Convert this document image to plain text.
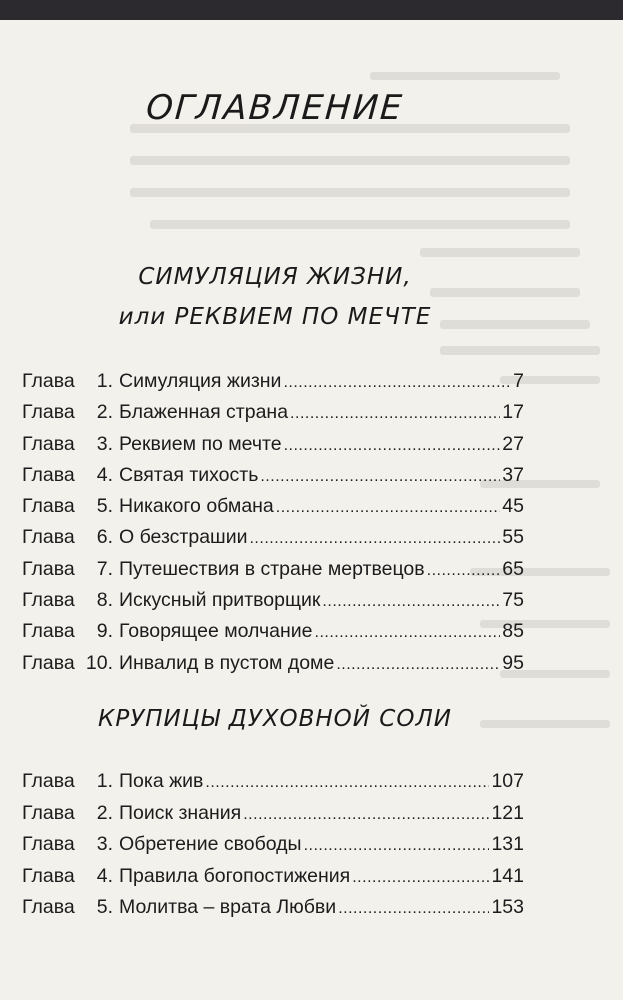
ОГЛАВЛЕНИЕ
СИМУЛЯЦИЯ ЖИЗНИ,
или РЕКВИЕМ ПО МЕЧТЕ
Глава	1. Симуляция жизни .....	7
Глава	2. Блаженная страна .....	17
Глава	3. Реквием по мечте .....	27
Глава	4. Святая тихость .....	37
Глава	5. Никакого обмана .....	45
Глава	6. О безстрашии .....	55
Глава	7. Путешествия в стране мертвецов .....	65
Глава	8. Искусный притворщик .....	75
Глава	9. Говорящее молчание .....	85
Глава 10. Инвалид в пустом доме .....	95
КРУПИЦЫ ДУХОВНОЙ СОЛИ
Глава	1. Пока жив .....	107
Глава	2. Поиск знания .....	121
Глава	3. Обретение свободы .....	131
Глава	4. Правила богопостижения .....	141
Глава	5. Молитва – врата Любви .....	153
